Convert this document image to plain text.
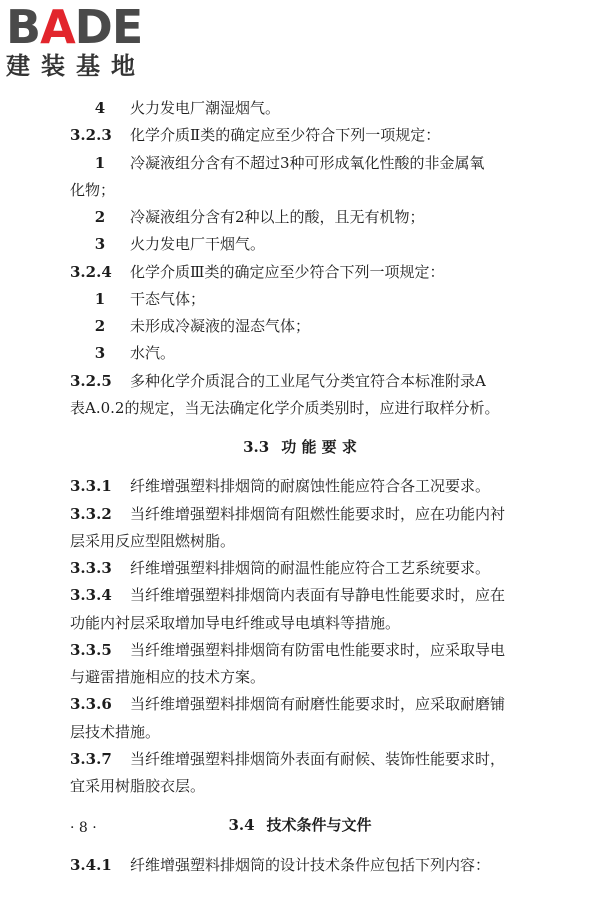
BADE
建装基地
4 火力发电厂潮湿烟气。
3.2.3 化学介质Ⅱ类的确定应至少符合下列一项规定：
1 冷凝液组分含有不超过3种可形成氧化性酸的非金属氧
化物；
2 冷凝液组分含有2种以上的酸，且无有机物；
3 火力发电厂干烟气。
3.2.4 化学介质Ⅲ类的确定应至少符合下列一项规定：
1 干态气体；
2 未形成冷凝液的湿态气体；
3 水汽。
3.2.5 多种化学介质混合的工业尾气分类宜符合本标准附录A
表A.0.2的规定，当无法确定化学介质类别时，应进行取样分析。
3.3 功 能 要 求
3.3.1 纤维增强塑料排烟筒的耐腐蚀性能应符合各工况要求。
3.3.2 当纤维增强塑料排烟筒有阻燃性能要求时，应在功能内衬
层采用反应型阻燃树脂。
3.3.3 纤维增强塑料排烟筒的耐温性能应符合工艺系统要求。
3.3.4 当纤维增强塑料排烟筒内表面有导静电性能要求时，应在
功能内衬层采取增加导电纤维或导电填料等措施。
3.3.5 当纤维增强塑料排烟筒有防雷电性能要求时，应采取导电
与避雷措施相应的技术方案。
3.3.6 当纤维增强塑料排烟筒有耐磨性能要求时，应采取耐磨铺
层技术措施。
3.3.7 当纤维增强塑料排烟筒外表面有耐候、装饰性能要求时，
宜采用树脂胶衣层。
3.4 技术条件与文件
3.4.1 纤维增强塑料排烟筒的设计技术条件应包括下列内容：
· 8 ·
